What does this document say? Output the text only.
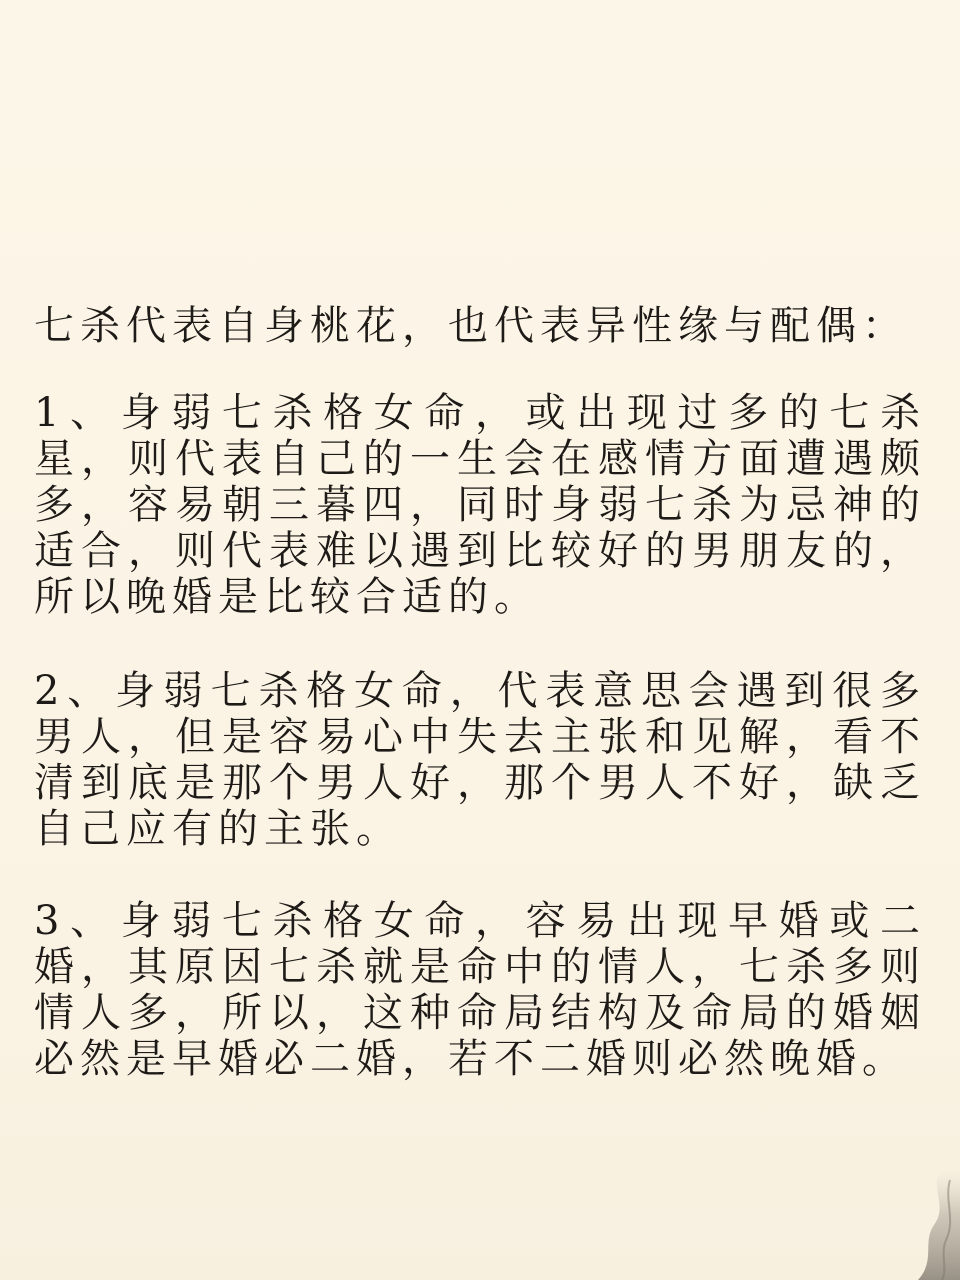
七杀代表自身桃花，也代表异性缘与配偶：
1、身弱七杀格女命，或出现过多的七杀星，则代表自己的一生会在感情方面遭遇颇多，容易朝三暮四，同时身弱七杀为忌神的适合，则代表难以遇到比较好的男朋友的，所以晚婚是比较合适的。
2、身弱七杀格女命，代表意思会遇到很多男人，但是容易心中失去主张和见解，看不清到底是那个男人好，那个男人不好，缺乏自己应有的主张。
3、身弱七杀格女命，容易出现早婚或二婚，其原因七杀就是命中的情人，七杀多则情人多，所以，这种命局结构及命局的婚姻必然是早婚必二婚，若不二婚则必然晚婚。
